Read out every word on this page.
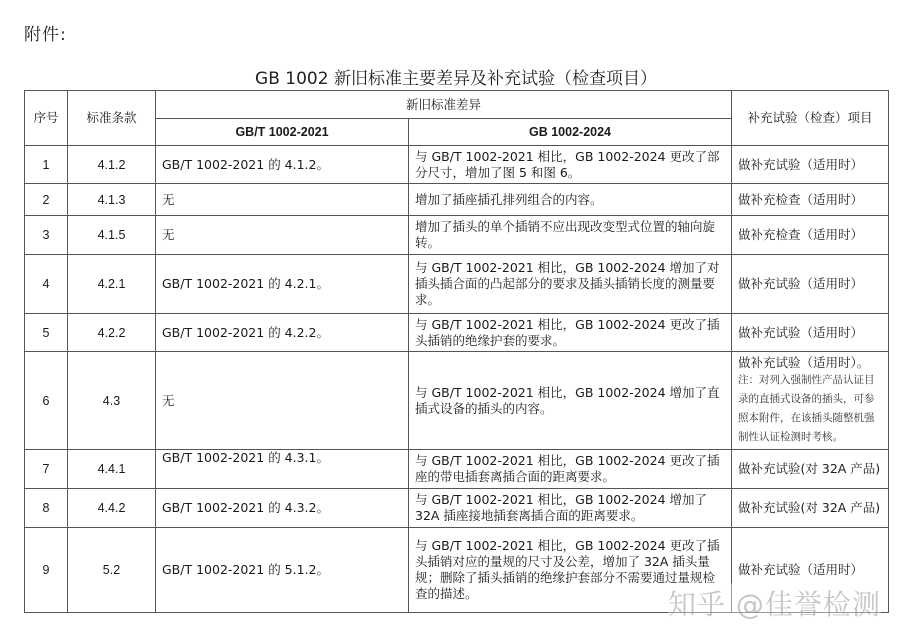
附件:
GB 1002 新旧标准主要差异及补充试验（检查项目）
序号	标准条款	新旧标准差异		补充试验（检查）项目
		GB/T 1002-2021	GB 1002-2024	
1	4.1.2	GB/T 1002-2021 的 4.1.2。	与 GB/T 1002-2021 相比，GB 1002-2024 更改了部分尺寸，增加了图 5 和图 6。	做补充试验（适用时）
2	4.1.3	无	增加了插座插孔排列组合的内容。	做补充检查（适用时）
3	4.1.5	无	增加了插头的单个插销不应出现改变型式位置的轴向旋转。	做补充检查（适用时）
4	4.2.1	GB/T 1002-2021 的 4.2.1。	与 GB/T 1002-2021 相比，GB 1002-2024 增加了对插头插合面的凸起部分的要求及插头插销长度的测量要求。	做补充试验（适用时）
5	4.2.2	GB/T 1002-2021 的 4.2.2。	与 GB/T 1002-2021 相比，GB 1002-2024 更改了插头插销的绝缘护套的要求。	做补充试验（适用时）
6	4.3	无	与 GB/T 1002-2021 相比，GB 1002-2024 增加了直插式设备的插头的内容。	做补充试验（适用时）。
注：对列入强制性产品认证目录的直插式设备的插头，可参照本附件，在该插头随整机强制性认证检测时考核。

7	4.4.1	GB/T 1002-2021 的 4.3.1。	与 GB/T 1002-2021 相比，GB 1002-2024 更改了插座的带电插套离插合面的距离要求。	做补充试验(对 32A 产品)
8	4.4.2	GB/T 1002-2021 的 4.3.2。	与 GB/T 1002-2021 相比，GB 1002-2024 增加了 32A 插座接地插套离插合面的距离要求。	做补充试验(对 32A 产品)
9	5.2	GB/T 1002-2021 的 5.1.2。	与 GB/T 1002-2021 相比，GB 1002-2024 更改了插头插销对应的量规的尺寸及公差，增加了 32A 插头量规；删除了插头插销的绝缘护套部分不需要通过量规检查的描述。	做补充试验（适用时）
知乎 @佳誉检测
